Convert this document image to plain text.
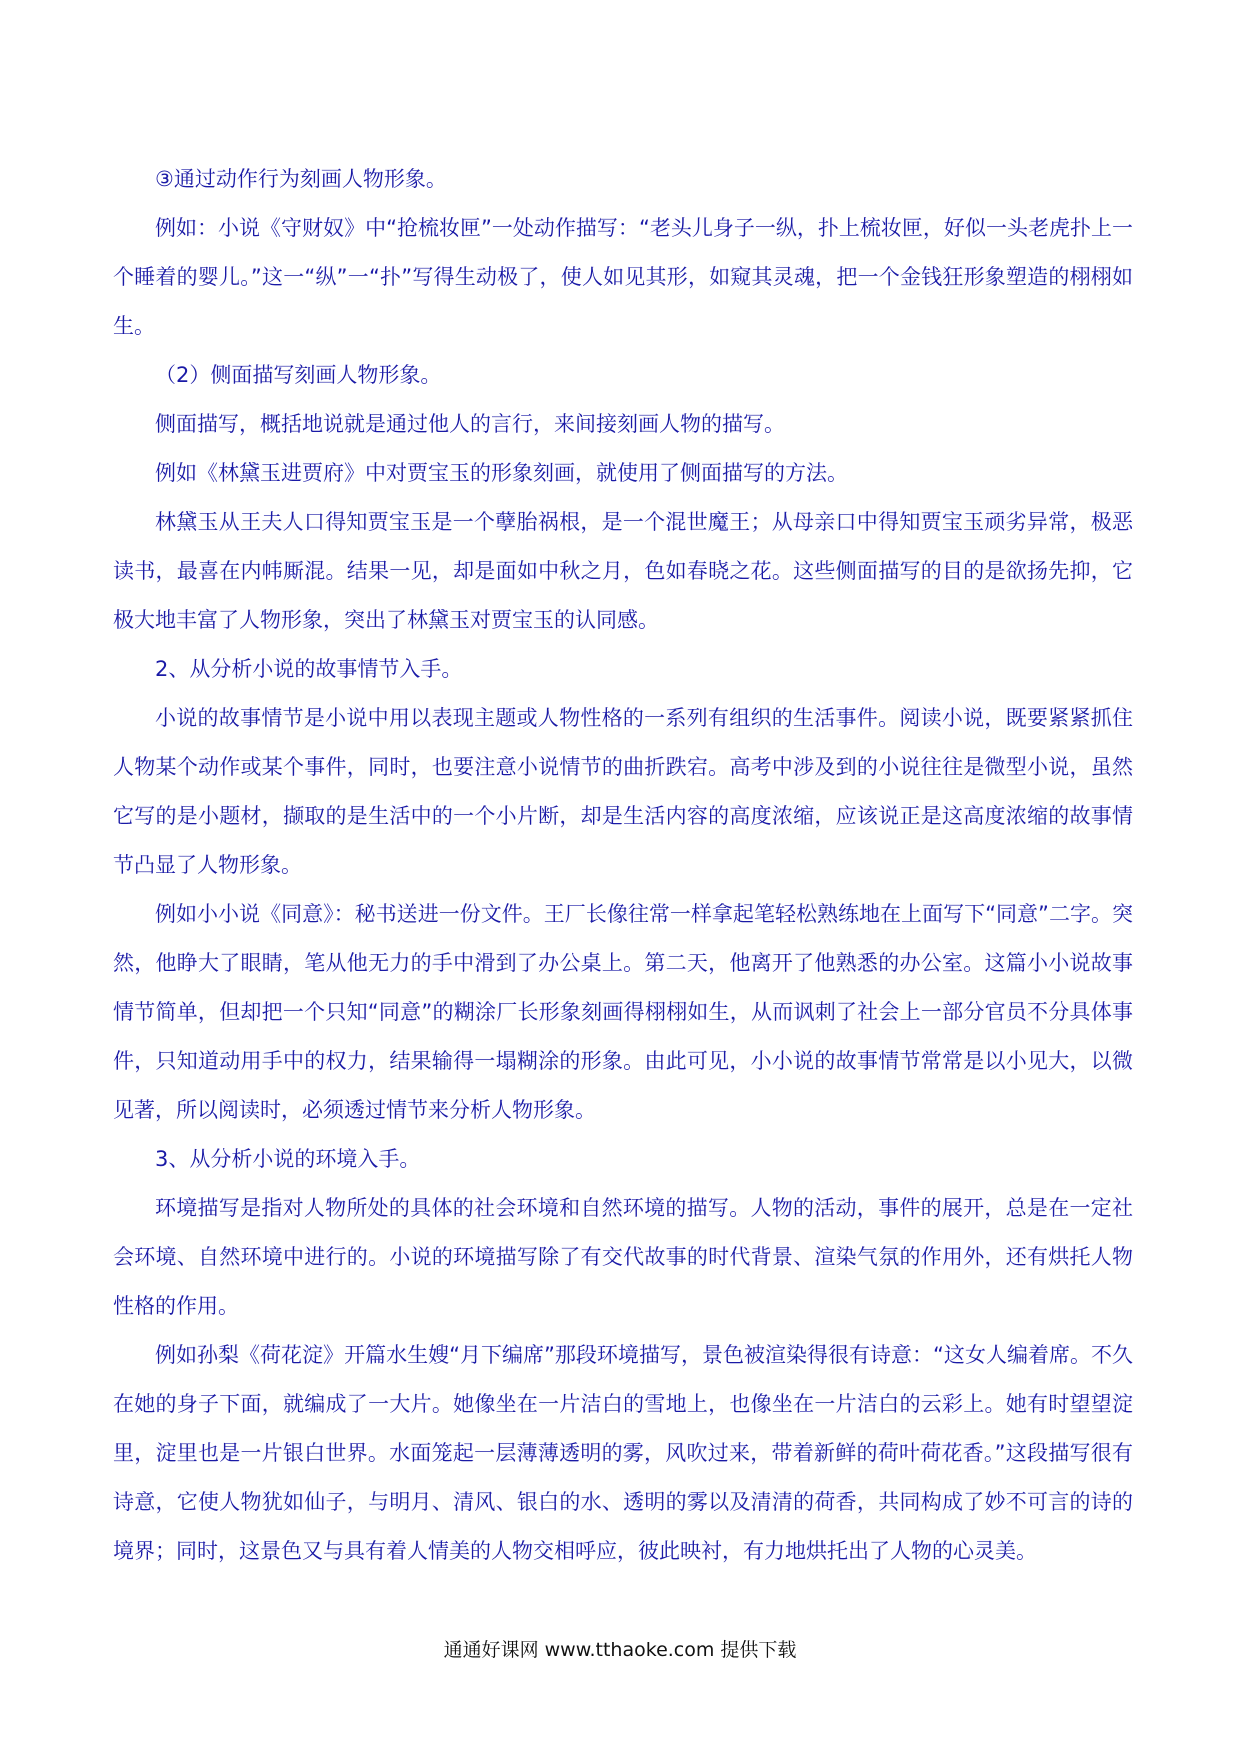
③通过动作行为刻画人物形象。

例如：小说《守财奴》中“抢梳妆匣”一处动作描写：“老头儿身子一纵，扑上梳妆匣，好似一头老虎扑上一个睡着的婴儿。”这一“纵”一“扑”写得生动极了，使人如见其形，如窥其灵魂，把一个金钱狂形象塑造的栩栩如生。

（2）侧面描写刻画人物形象。

侧面描写，概括地说就是通过他人的言行，来间接刻画人物的描写。

例如《林黛玉进贾府》中对贾宝玉的形象刻画，就使用了侧面描写的方法。

林黛玉从王夫人口得知贾宝玉是一个孽胎祸根，是一个混世魔王；从母亲口中得知贾宝玉顽劣异常，极恶读书，最喜在内帏厮混。结果一见，却是面如中秋之月，色如春晓之花。这些侧面描写的目的是欲扬先抑，它极大地丰富了人物形象，突出了林黛玉对贾宝玉的认同感。

2、从分析小说的故事情节入手。

小说的故事情节是小说中用以表现主题或人物性格的一系列有组织的生活事件。阅读小说，既要紧紧抓住人物某个动作或某个事件，同时，也要注意小说情节的曲折跌宕。高考中涉及到的小说往往是微型小说，虽然它写的是小题材，撷取的是生活中的一个小片断，却是生活内容的高度浓缩，应该说正是这高度浓缩的故事情节凸显了人物形象。

例如小小说《同意》：秘书送进一份文件。王厂长像往常一样拿起笔轻松熟练地在上面写下“同意”二字。突然，他睁大了眼睛，笔从他无力的手中滑到了办公桌上。第二天，他离开了他熟悉的办公室。这篇小小说故事情节简单，但却把一个只知“同意”的糊涂厂长形象刻画得栩栩如生，从而讽刺了社会上一部分官员不分具体事件，只知道动用手中的权力，结果输得一塌糊涂的形象。由此可见，小小说的故事情节常常是以小见大，以微见著，所以阅读时，必须透过情节来分析人物形象。

3、从分析小说的环境入手。

环境描写是指对人物所处的具体的社会环境和自然环境的描写。人物的活动，事件的展开，总是在一定社会环境、自然环境中进行的。小说的环境描写除了有交代故事的时代背景、渲染气氛的作用外，还有烘托人物性格的作用。

例如孙梨《荷花淀》开篇水生嫂“月下编席”那段环境描写，景色被渲染得很有诗意：“这女人编着席。不久在她的身子下面，就编成了一大片。她像坐在一片洁白的雪地上，也像坐在一片洁白的云彩上。她有时望望淀里，淀里也是一片银白世界。水面笼起一层薄薄透明的雾，风吹过来，带着新鲜的荷叶荷花香。”这段描写很有诗意，它使人物犹如仙子，与明月、清风、银白的水、透明的雾以及清清的荷香，共同构成了妙不可言的诗的境界；同时，这景色又与具有着人情美的人物交相呼应，彼此映衬，有力地烘托出了人物的心灵美。

通通好课网 www.tthaoke.com 提供下载
